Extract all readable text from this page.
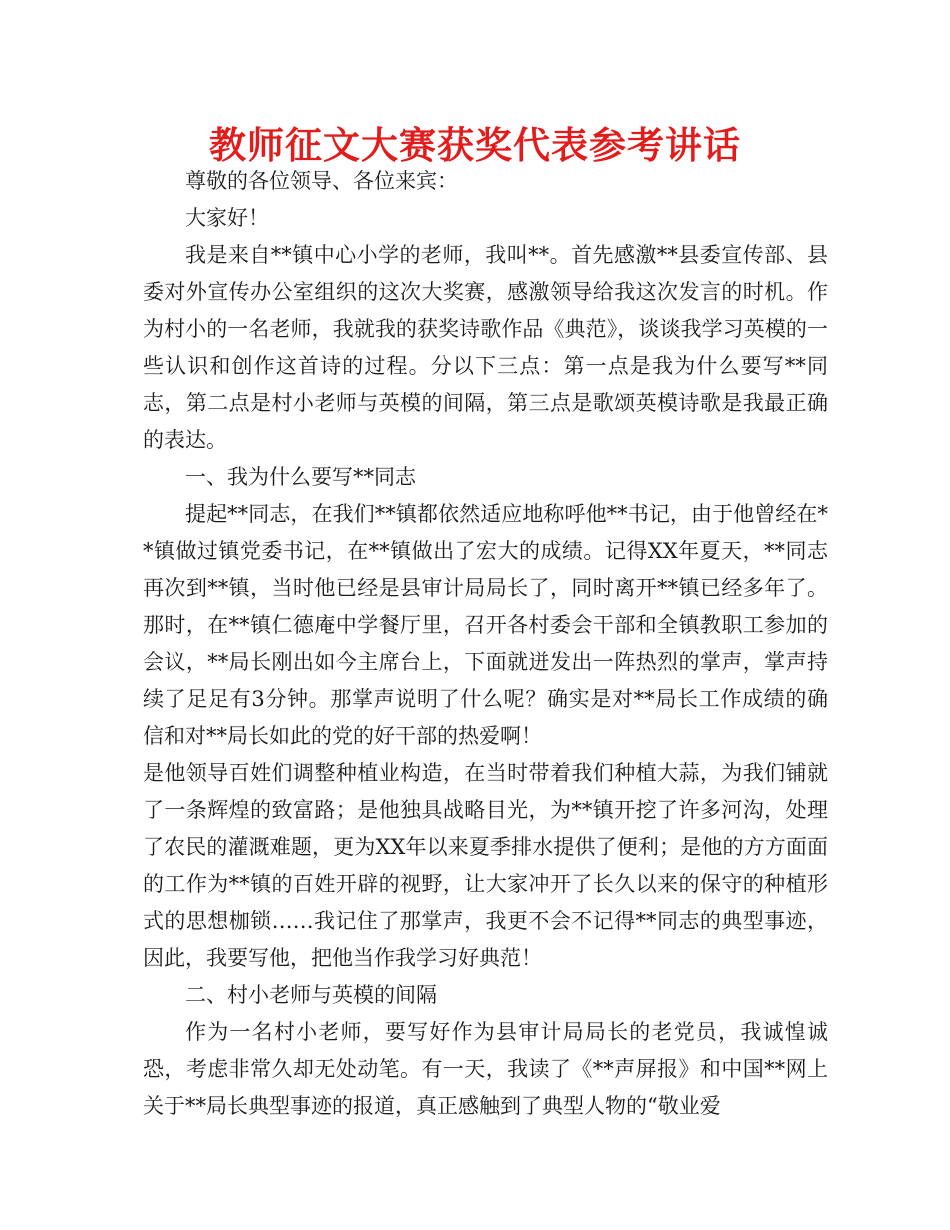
教师征文大赛获奖代表参考讲话

尊敬的各位领导、各位来宾：

大家好！

我是来自**镇中心小学的老师，我叫**。首先感激**县委宣传部、县委对外宣传办公室组织的这次大奖赛，感激领导给我这次发言的时机。作为村小的一名老师，我就我的获奖诗歌作品《典范》，谈谈我学习英模的一些认识和创作这首诗的过程。分以下三点：第一点是我为什么要写**同志，第二点是村小老师与英模的间隔，第三点是歌颂英模诗歌是我最正确的表达。

一、我为什么要写**同志

提起**同志，在我们**镇都依然适应地称呼他**书记，由于他曾经在**镇做过镇党委书记，在**镇做出了宏大的成绩。记得XX年夏天，**同志再次到**镇，当时他已经是县审计局局长了，同时离开**镇已经多年了。那时，在**镇仁德庵中学餐厅里，召开各村委会干部和全镇教职工参加的会议，**局长刚出如今主席台上，下面就迸发出一阵热烈的掌声，掌声持续了足足有3分钟。那掌声说明了什么呢？确实是对**局长工作成绩的确信和对**局长如此的党的好干部的热爱啊！

是他领导百姓们调整种植业构造，在当时带着我们种植大蒜，为我们铺就了一条辉煌的致富路；是他独具战略目光，为**镇开挖了许多河沟，处理了农民的灌溉难题，更为XX年以来夏季排水提供了便利；是他的方方面面的工作为**镇的百姓开辟的视野，让大家冲开了长久以来的保守的种植形式的思想枷锁……我记住了那掌声，我更不会不记得**同志的典型事迹，因此，我要写他，把他当作我学习好典范！

二、村小老师与英模的间隔

作为一名村小老师，要写好作为县审计局局长的老党员，我诚惶诚恐，考虑非常久却无处动笔。有一天，我读了《**声屏报》和中国**网上关于**局长典型事迹的报道，真正感触到了典型人物的“敬业爱
